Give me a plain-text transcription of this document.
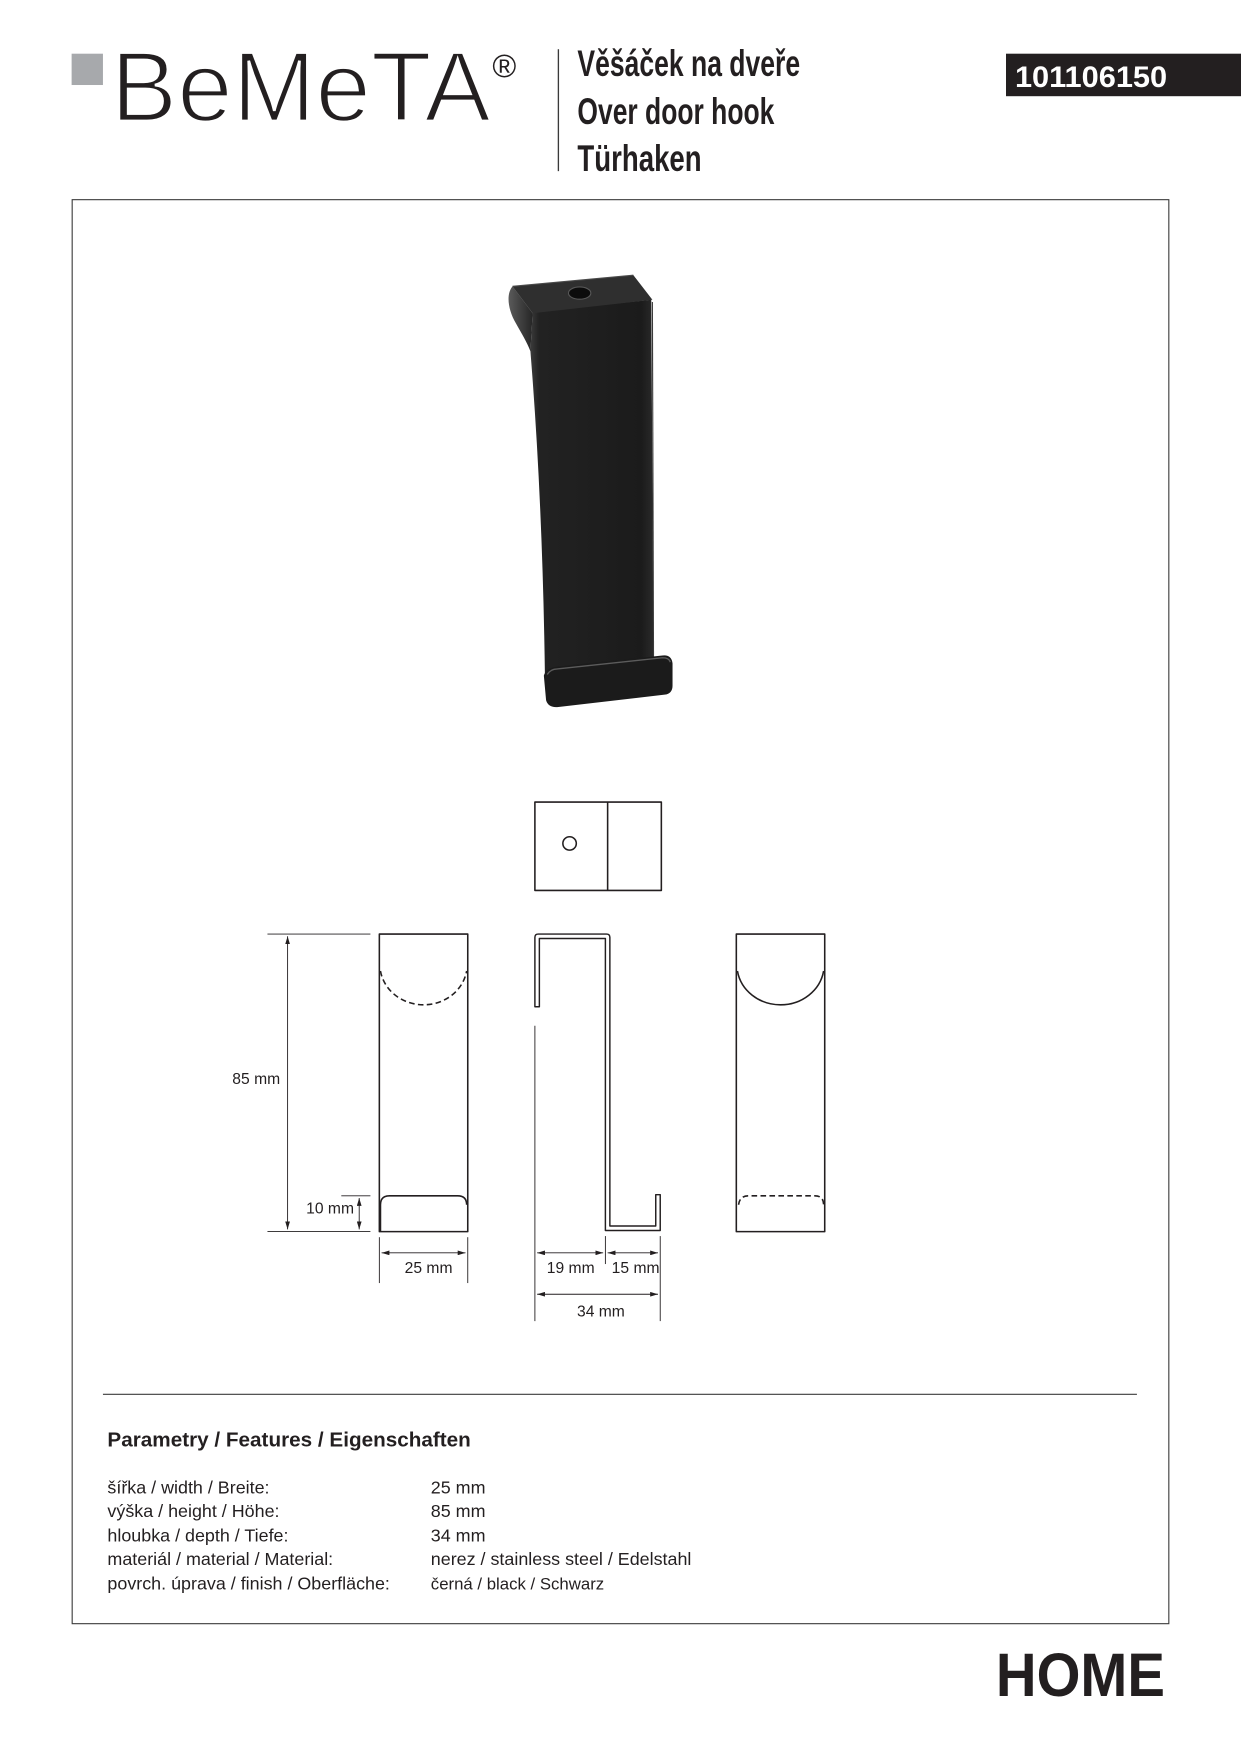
BeMeTA ® Věšáček na dveře
Over door hook
Türhaken
101106150
85 mm
10 mm
25 mm	19 mm 15 mm
34 mm
Parametry / Features / Eigenschaften
šířka / width / Breite:	25 mm
výška / height / Höhe:	85 mm
hloubka / depth / Tiefe:	34 mm
materiál / material / Material:	nerez / stainless steel / Edelstahl
povrch. úprava / finish / Oberfläche:	černá / black / Schwarz
HOME
